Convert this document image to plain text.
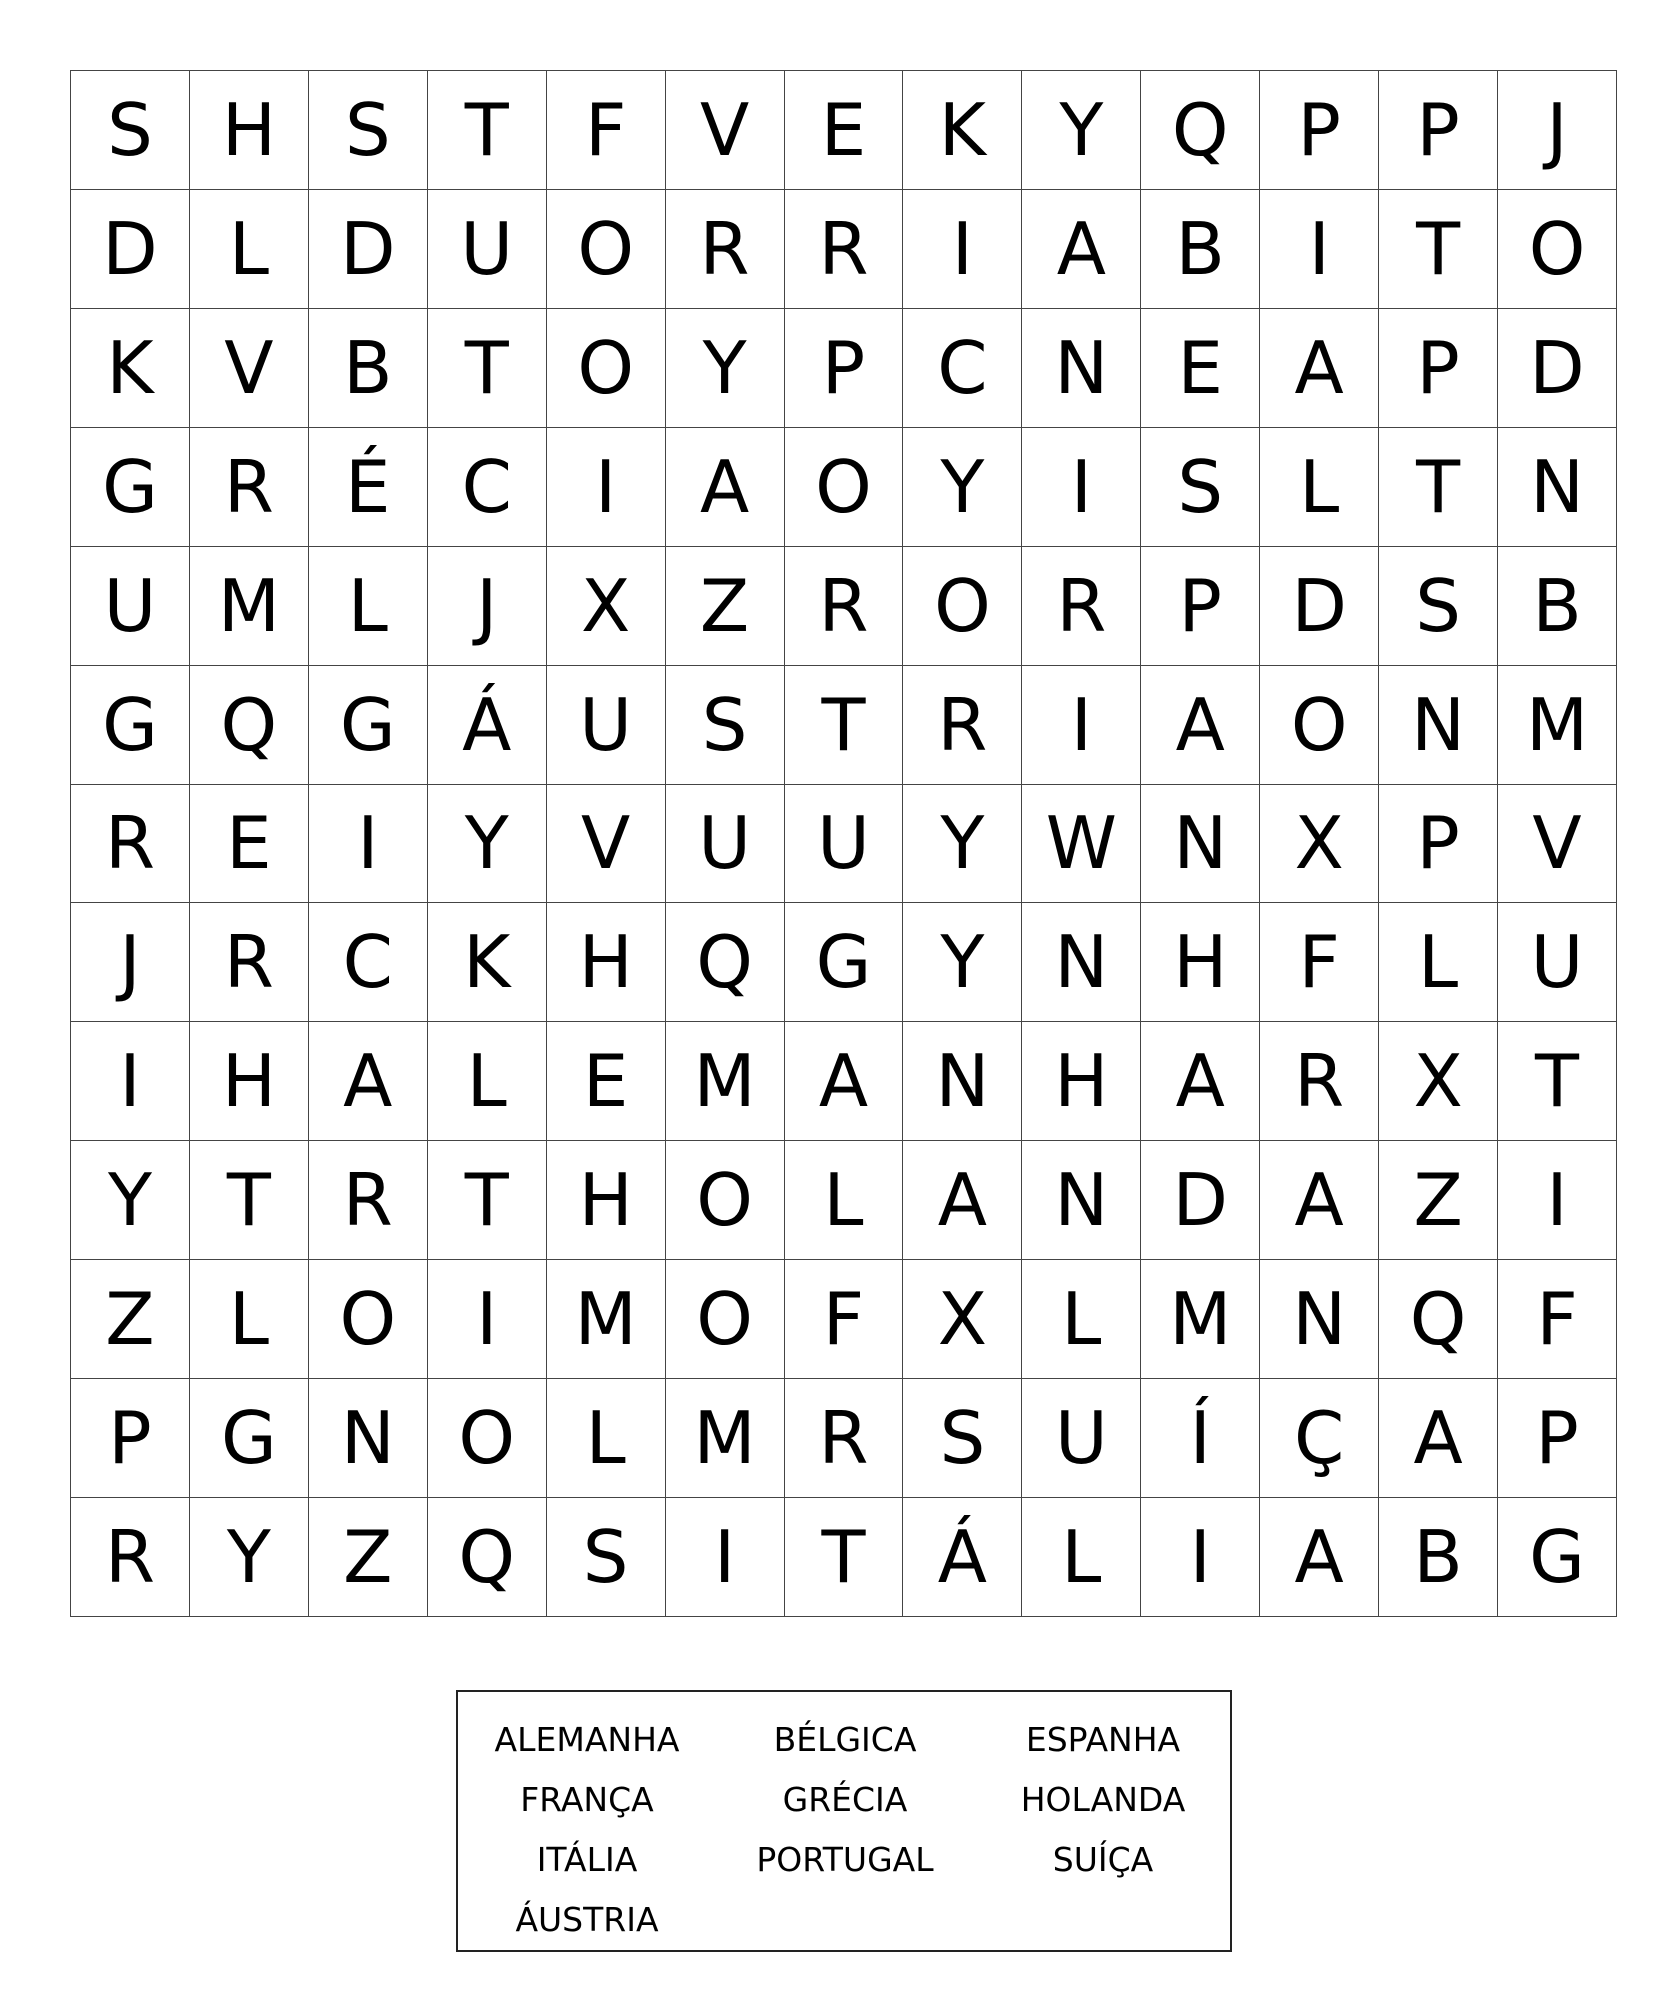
S H S	T	F	V E	K	Y Q P	P	J
D L D U O R R	I	A B	I	T O
K V B	T O Y	P	C N E A	P D
G R É C	I	A O Y	I	S	L	T N
U M L	J	X Z R O R	P D S B
G Q G Á U S	T R	I	A O N M
R E	I	Y	V U U Y W N X	P	V
J	R C K H Q G Y N H F	L	U
I	H A	L	E M A N H A R X	T
Y	T R T H O L	A N D A Z	I
Z	L O	I	M O F	X	L M N Q F
P G N O L M R S U	Í	Ç A	P
R Y	Z Q S	I	T	Á	L	I	A B G
ALEMANHA
FRANÇA
ITÁLIA
ÁUSTRIA
BÉLGICA
GRÉCIA
PORTUGAL
ESPANHA
HOLANDA
SUÍÇA
